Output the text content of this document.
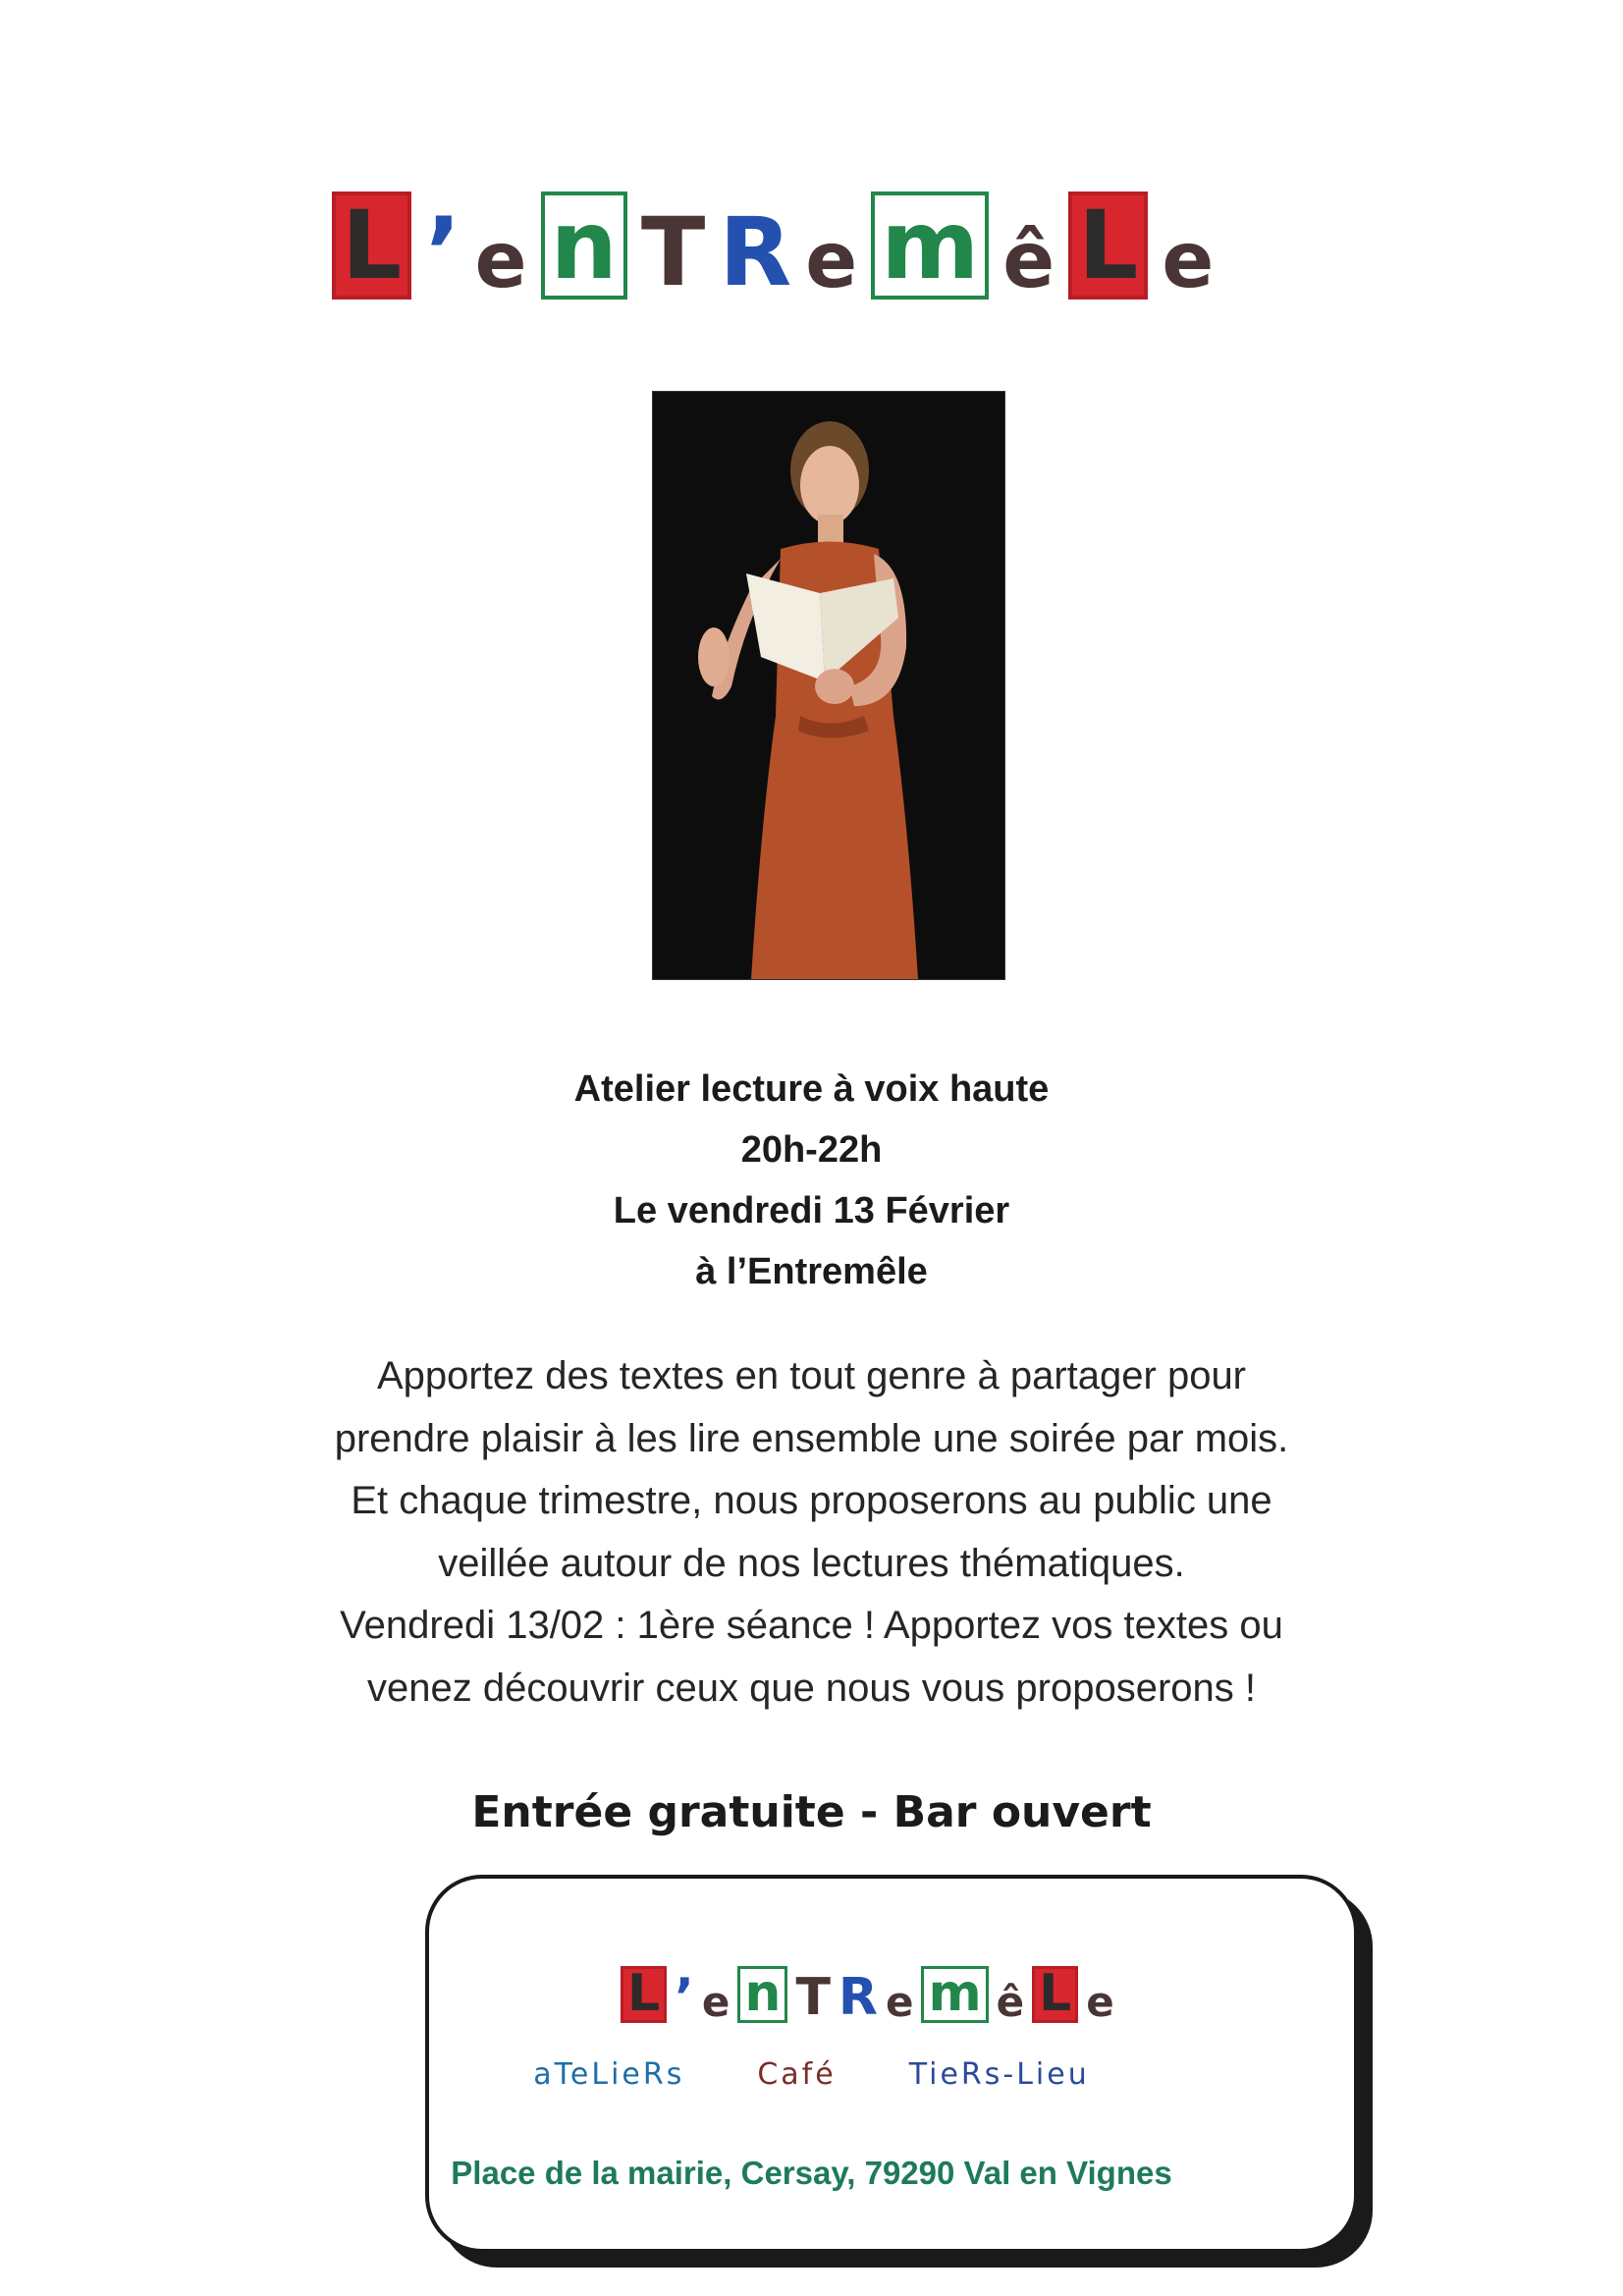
L ’ e n T R e m ê L e
Atelier lecture à voix haute
20h-22h
Le vendredi 13 Février
à l’Entremêle
Apportez des textes en tout genre à partager pour
prendre plaisir à les lire ensemble une soirée par mois.
Et chaque trimestre, nous proposerons au public une
veillée autour de nos lectures thématiques.
Vendredi 13/02 : 1ère séance ! Apportez vos textes ou
venez découvrir ceux que nous vous proposerons !
Entrée gratuite - Bar ouvert
L ’ e n T R e m ê L e
aTeLieRs Café TieRs-Lieu
Place de la mairie, Cersay, 79290 Val en Vignes
